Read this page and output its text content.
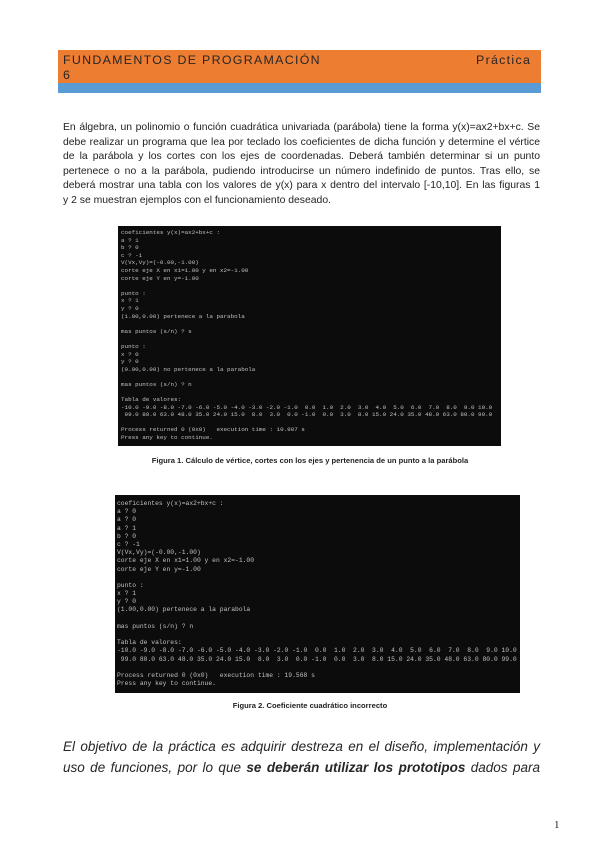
FUNDAMENTOS DE PROGRAMACIÓN	Práctica
6
En álgebra, un polinomio o función cuadrática univariada (parábola) tiene la forma y(x)=ax2+bx+c. Se
debe realizar un programa que lea por teclado los coeficientes de dicha función y determine el vértice
de la parábola y los cortes con los ejes de coordenadas. Deberá también determinar si un punto
pertenece o no a la parábola, pudiendo introducirse un número indefinido de puntos. Tras ello, se
deberá mostrar una tabla con los valores de y(x) para x dentro del intervalo [-10,10]. En las figuras 1
y 2 se muestran ejemplos con el funcionamiento deseado.
coeficientes y(x)=ax2+bx+c :
a ? 1
b ? 0
c ? -1
V(Vx,Vy)=(-0.00,-1.00)
corte eje X en x1=1.00 y en x2=-1.00
corte eje Y en y=-1.00
punto :
x ? 1
y ? 0
(1.00,0.00) pertenece a la parabola
mas puntos (s/n) ? s
punto :
x ? 0
y ? 0
(0.00,0.00) no pertenece a la parabola
mas puntos (s/n) ? n
Tabla de valores:
-10.0 -9.0 -8.0 -7.0 -6.0 -5.0 -4.0 -3.0 -2.0 -1.0  0.0  1.0  2.0  3.0  4.0  5.0  6.0  7.0  8.0  9.0 10.0
99.0 80.0 63.0 48.0 35.0 24.0 15.0  8.0  3.0  0.0 -1.0  0.0  3.0  8.0 15.0 24.0 35.0 48.0 63.0 80.0 99.0
Process returned 0 (0x0)   execution time : 10.907 s
Press any key to continue.
Figura 1. Cálculo de vértice, cortes con los ejes y pertenencia de un punto a la parábola
coeficientes y(x)=ax2+bx+c :
a ? 0
a ? 0
a ? 1
b ? 0
c ? -1
V(Vx,Vy)=(-0.00,-1.00)
corte eje X en x1=1.00 y en x2=-1.00
corte eje Y en y=-1.00
punto :
x ? 1
y ? 0
(1.00,0.00) pertenece a la parabola
mas puntos (s/n) ? n
Tabla de valores:
-10.0 -9.0 -8.0 -7.0 -6.0 -5.0 -4.0 -3.0 -2.0 -1.0  0.0  1.0  2.0  3.0  4.0  5.0  6.0  7.0  8.0  9.0 10.0
99.0 80.0 63.0 48.0 35.0 24.0 15.0  8.0  3.0  0.0 -1.0  0.0  3.0  8.0 15.0 24.0 35.0 48.0 63.0 80.0 99.0
Process returned 0 (0x0)   execution time : 19.568 s
Press any key to continue.
Figura 2. Coeficiente cuadrático incorrecto
El objetivo de la práctica es adquirir destreza en el diseño, implementación y
uso de funciones, por lo que se deberán utilizar los prototipos dados para
1
